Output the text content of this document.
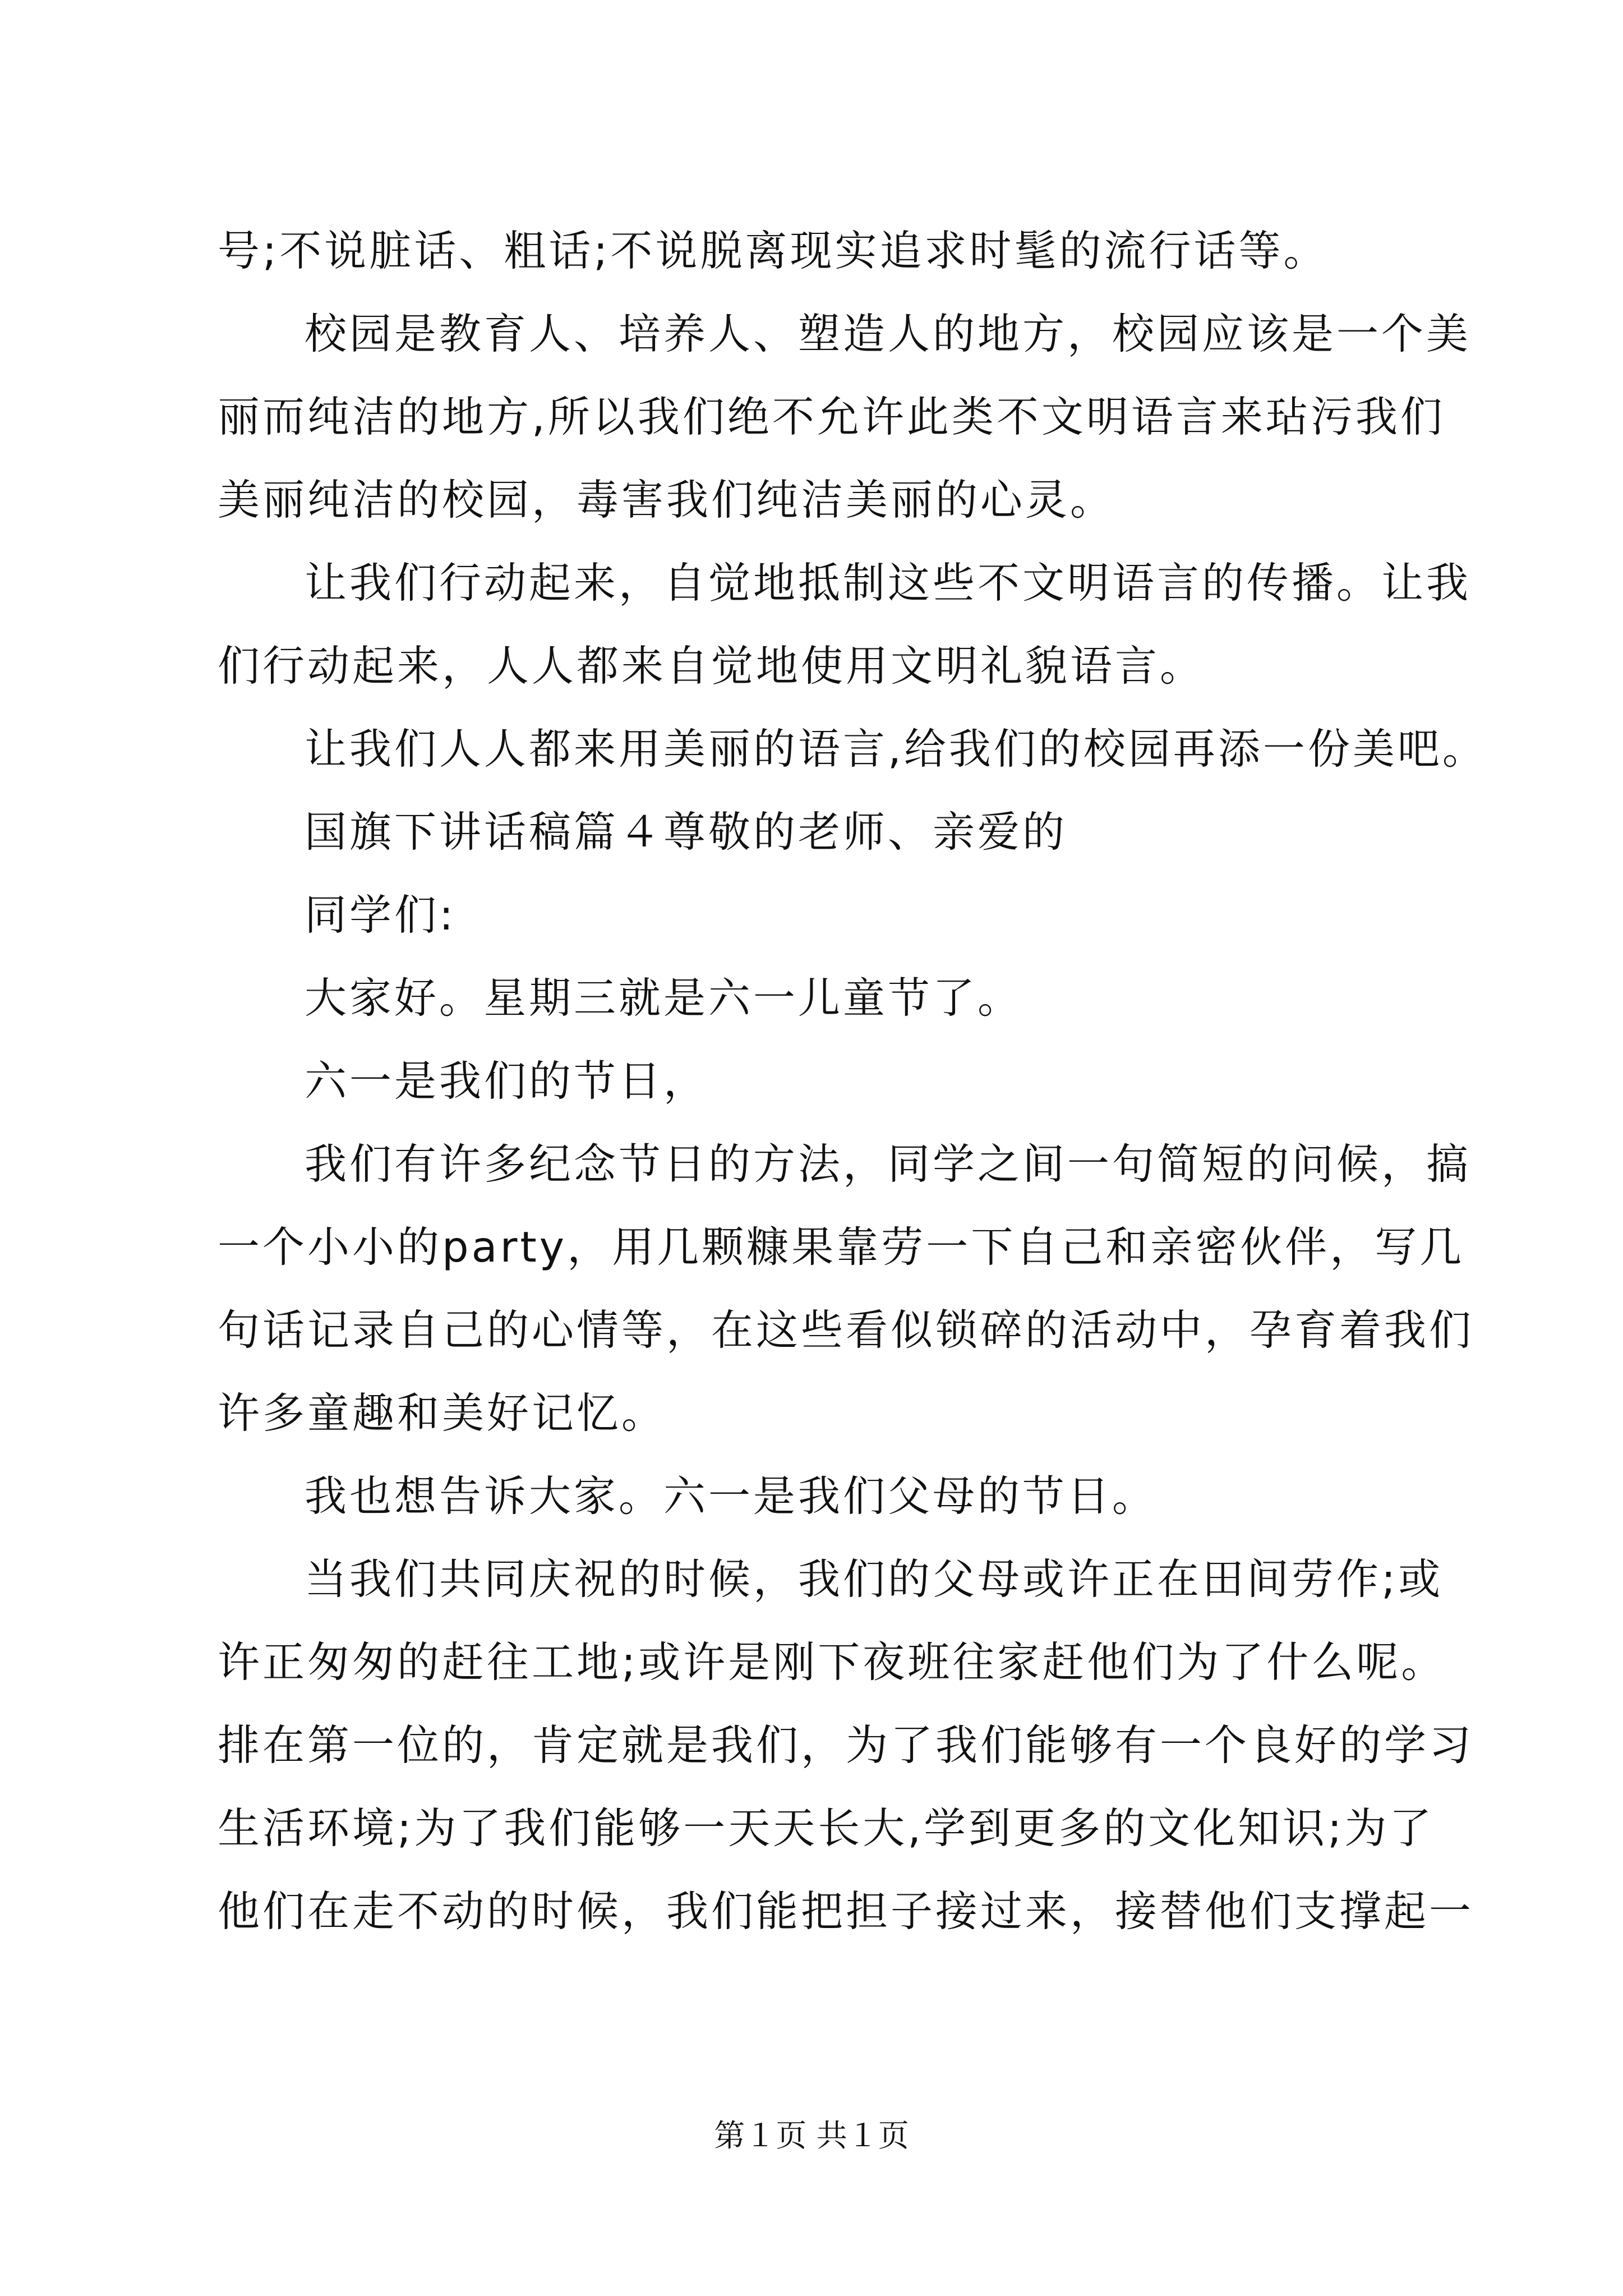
号;不说脏话、粗话;不说脱离现实追求时髦的流行话等。
校园是教育人、培养人、塑造人的地方，校园应该是一个美
丽而纯洁的地方,所以我们绝不允许此类不文明语言来玷污我们
美丽纯洁的校园，毒害我们纯洁美丽的心灵。
让我们行动起来，自觉地抵制这些不文明语言的传播。让我
们行动起来，人人都来自觉地使用文明礼貌语言。
让我们人人都来用美丽的语言,给我们的校园再添一份美吧。
国旗下讲话稿篇４尊敬的老师、亲爱的
同学们:
大家好。星期三就是六一儿童节了。
六一是我们的节日，
我们有许多纪念节日的方法，同学之间一句简短的问候，搞
一个小小的party，用几颗糠果靠劳一下自己和亲密伙伴，写几
句话记录自己的心情等，在这些看似锁碎的活动中，孕育着我们
许多童趣和美好记忆。
我也想告诉大家。六一是我们父母的节日。
当我们共同庆祝的时候，我们的父母或许正在田间劳作;或
许正匆匆的赶往工地;或许是刚下夜班往家赶他们为了什么呢。
排在第一位的，肯定就是我们，为了我们能够有一个良好的学习
生活环境;为了我们能够一天天长大,学到更多的文化知识;为了
他们在走不动的时候，我们能把担子接过来，接替他们支撑起一
第１页 共１页
